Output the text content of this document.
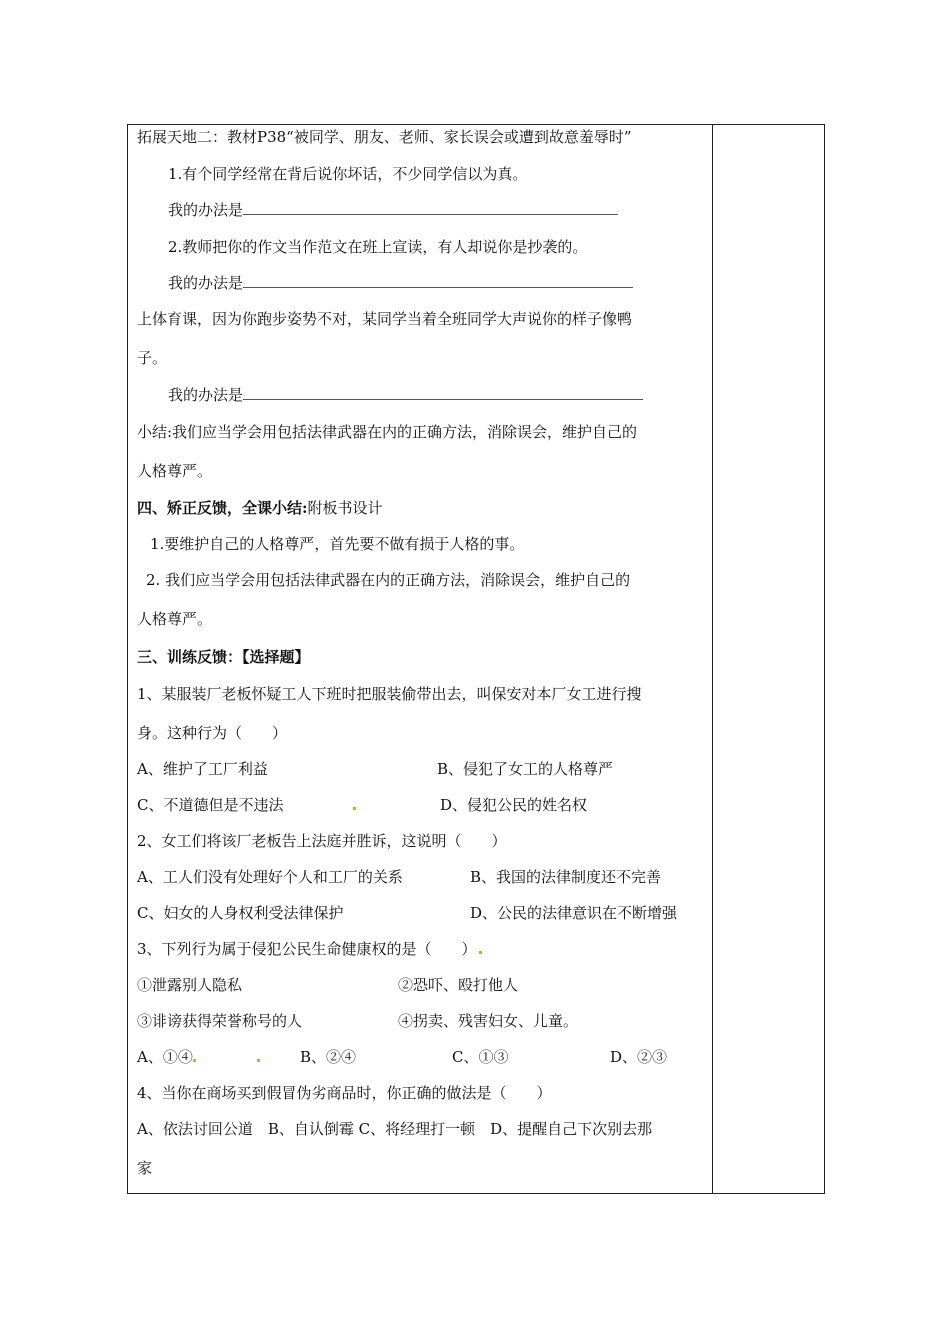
拓展天地二：教材P38“被同学、朋友、老师、家长误会或遭到故意羞辱时”
1.有个同学经常在背后说你坏话，不少同学信以为真。
我的办法是
2.教师把你的作文当作范文在班上宣读，有人却说你是抄袭的。
我的办法是
上体育课，因为你跑步姿势不对，某同学当着全班同学大声说你的样子像鸭
子。
我的办法是
小结:我们应当学会用包括法律武器在内的正确方法，消除误会，维护自己的
人格尊严。
四、矫正反馈，全课小结:附板书设计
1.要维护自己的人格尊严，首先要不做有损于人格的事。
2. 我们应当学会用包括法律武器在内的正确方法，消除误会，维护自己的
人格尊严。
三、训练反馈：【选择题】
1、某服装厂老板怀疑工人下班时把服装偷带出去，叫保安对本厂女工进行搜
身。这种行为（　　）
A、维护了工厂利益	B、侵犯了女工的人格尊严
C、不道德但是不违法	D、侵犯公民的姓名权
2、女工们将该厂老板告上法庭并胜诉，这说明（　　）
A、工人们没有处理好个人和工厂的关系	B、我国的法律制度还不完善
C、妇女的人身权利受法律保护	D、公民的法律意识在不断增强
3、下列行为属于侵犯公民生命健康权的是（　　）
①泄露别人隐私	②恐吓、殴打他人
③诽谤获得荣誉称号的人	④拐卖、残害妇女、儿童。
A、①④	B、②④	C、①③	D、②③
4、当你在商场买到假冒伪劣商品时，你正确的做法是（　　）
A、依法讨回公道　B、自认倒霉 C、将经理打一顿　D、提醒自己下次别去那
家
